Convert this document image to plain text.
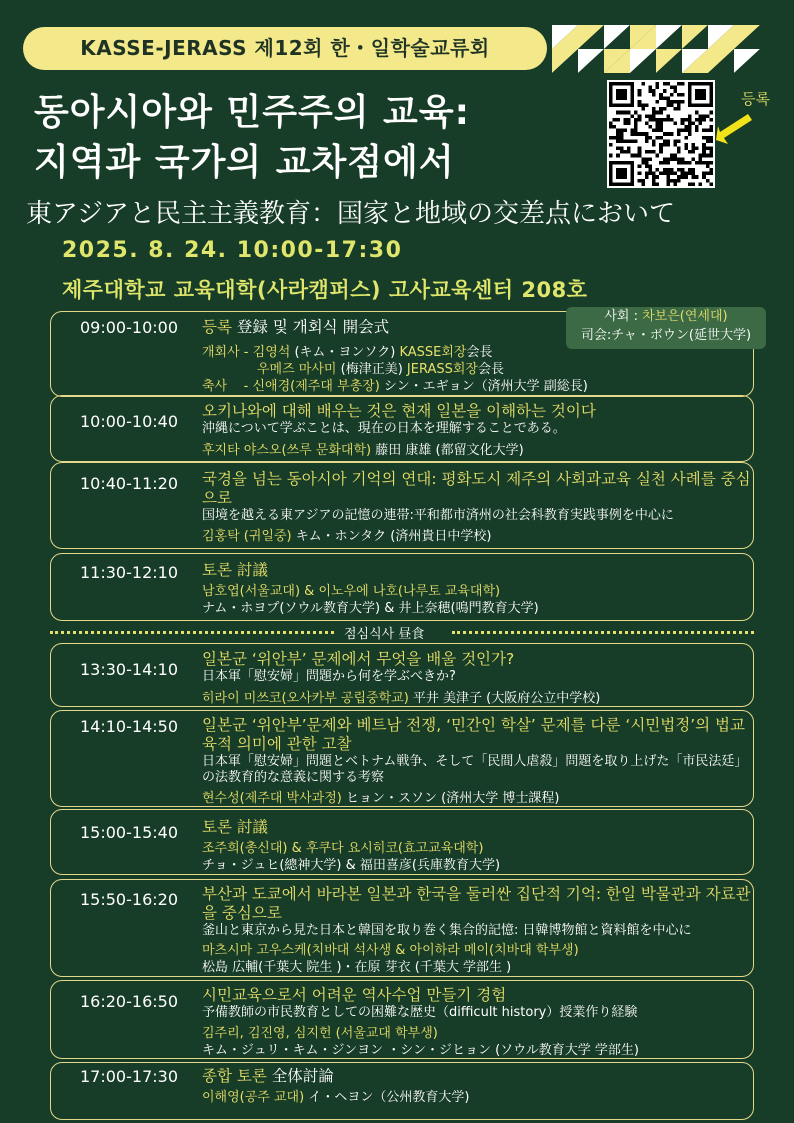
KASSE-JERASS 제12회 한・일학술교류회
동아시아와 민주주의 교육:
지역과 국가의 교차점에서
東アジアと民主主義教育：国家と地域の交差点において
등록
2025. 8. 24. 10:00-17:30
제주대학교 교육대학(사라캠퍼스) 고사교육센터 208호
사회 : 차보은(연세대)
司会:チャ・ボウン(延世大学)
09:00-10:00 등록 登録 및 개회식 開会式
개회사 - 김영석 (キム・ヨンソク) KASSE회장会長
우메즈 마사미 (梅津正美) JERASS회장会長
축사    - 신애경(제주대 부총장) シン・エギョン（済州大学 副総長)
10:00-10:40
오키나와에 대해 배우는 것은 현재 일본을 이해하는 것이다
沖縄について学ぶことは、現在の日本を理解することである。
후지타 야스오(쓰루 문화대학) 藤田 康雄 (都留文化大学)
10:40-11:20 국경을 넘는 동아시아 기억의 연대: 평화도시 제주의 사회과교육 실천 사례를 중심으로
国境を越える東アジアの記憶の連帯:平和都市済州の社会科教育実践事例を中心に
김홍탁 (귀일중) キム・ホンタク (済州貴日中学校)
11:30-12:10 토론 討議
남호엽(서울교대) & 이노우에 나호(나루토 교육대학)
ナム・ホヨプ(ソウル教育大学) & 井上奈穂(鳴門教育大学)
점심식사 昼食
13:30-14:10
일본군 ‘위안부’ 문제에서 무엇을 배울 것인가?
日本軍「慰安婦」問題から何を学ぶべきか?
히라이 미쓰코(오사카부 공립중학교) 平井 美津子 (大阪府公立中学校)
14:10-14:50 일본군 ‘위안부’문제와 베트남 전쟁, ‘민간인 학살’ 문제를 다룬 ‘시민법정’의 법교육적 의미에 관한 고찰
日本軍「慰安婦」問題とベトナム戦争、そして「民間人虐殺」問題を取り上げた「市民法廷」の法教育的な意義に関する考察
현수성(제주대 박사과정) ヒョン・スソン (済州大学 博士課程)
15:00-15:40 토론 討議
조주희(총신대) & 후쿠다 요시히코(효고교육대학)
チョ・ジュヒ(總神大学) & 福田喜彦(兵庫教育大学)
15:50-16:20 부산과 도쿄에서 바라본 일본과 한국을 둘러싼 집단적 기억: 한일 박물관과 자료관을 중심으로
釜山と東京から見た日本と韓国を取り巻く集合的記憶: 日韓博物館と資料館を中心に
마츠시마 고우스케(치바대 석사생 & 아이하라 메이(치바대 학부생)
松島 広輔(千葉大 院生 )・在原 芽衣 (千葉大 学部生 )
16:20-16:50 시민교육으로서 어려운 역사수업 만들기 경험
予備教師の市民教育としての困難な歴史（difficult history）授業作り経験
김주리, 김진영, 심지헌 (서울교대 학부생)
キム・ジュリ・キム・ジンヨン ・シン・ジヒョン (ソウル教育大学 学部生)
17:00-17:30 종합 토론 全体討論
이해영(공주 교대) イ・ヘヨン（公州教育大学)
